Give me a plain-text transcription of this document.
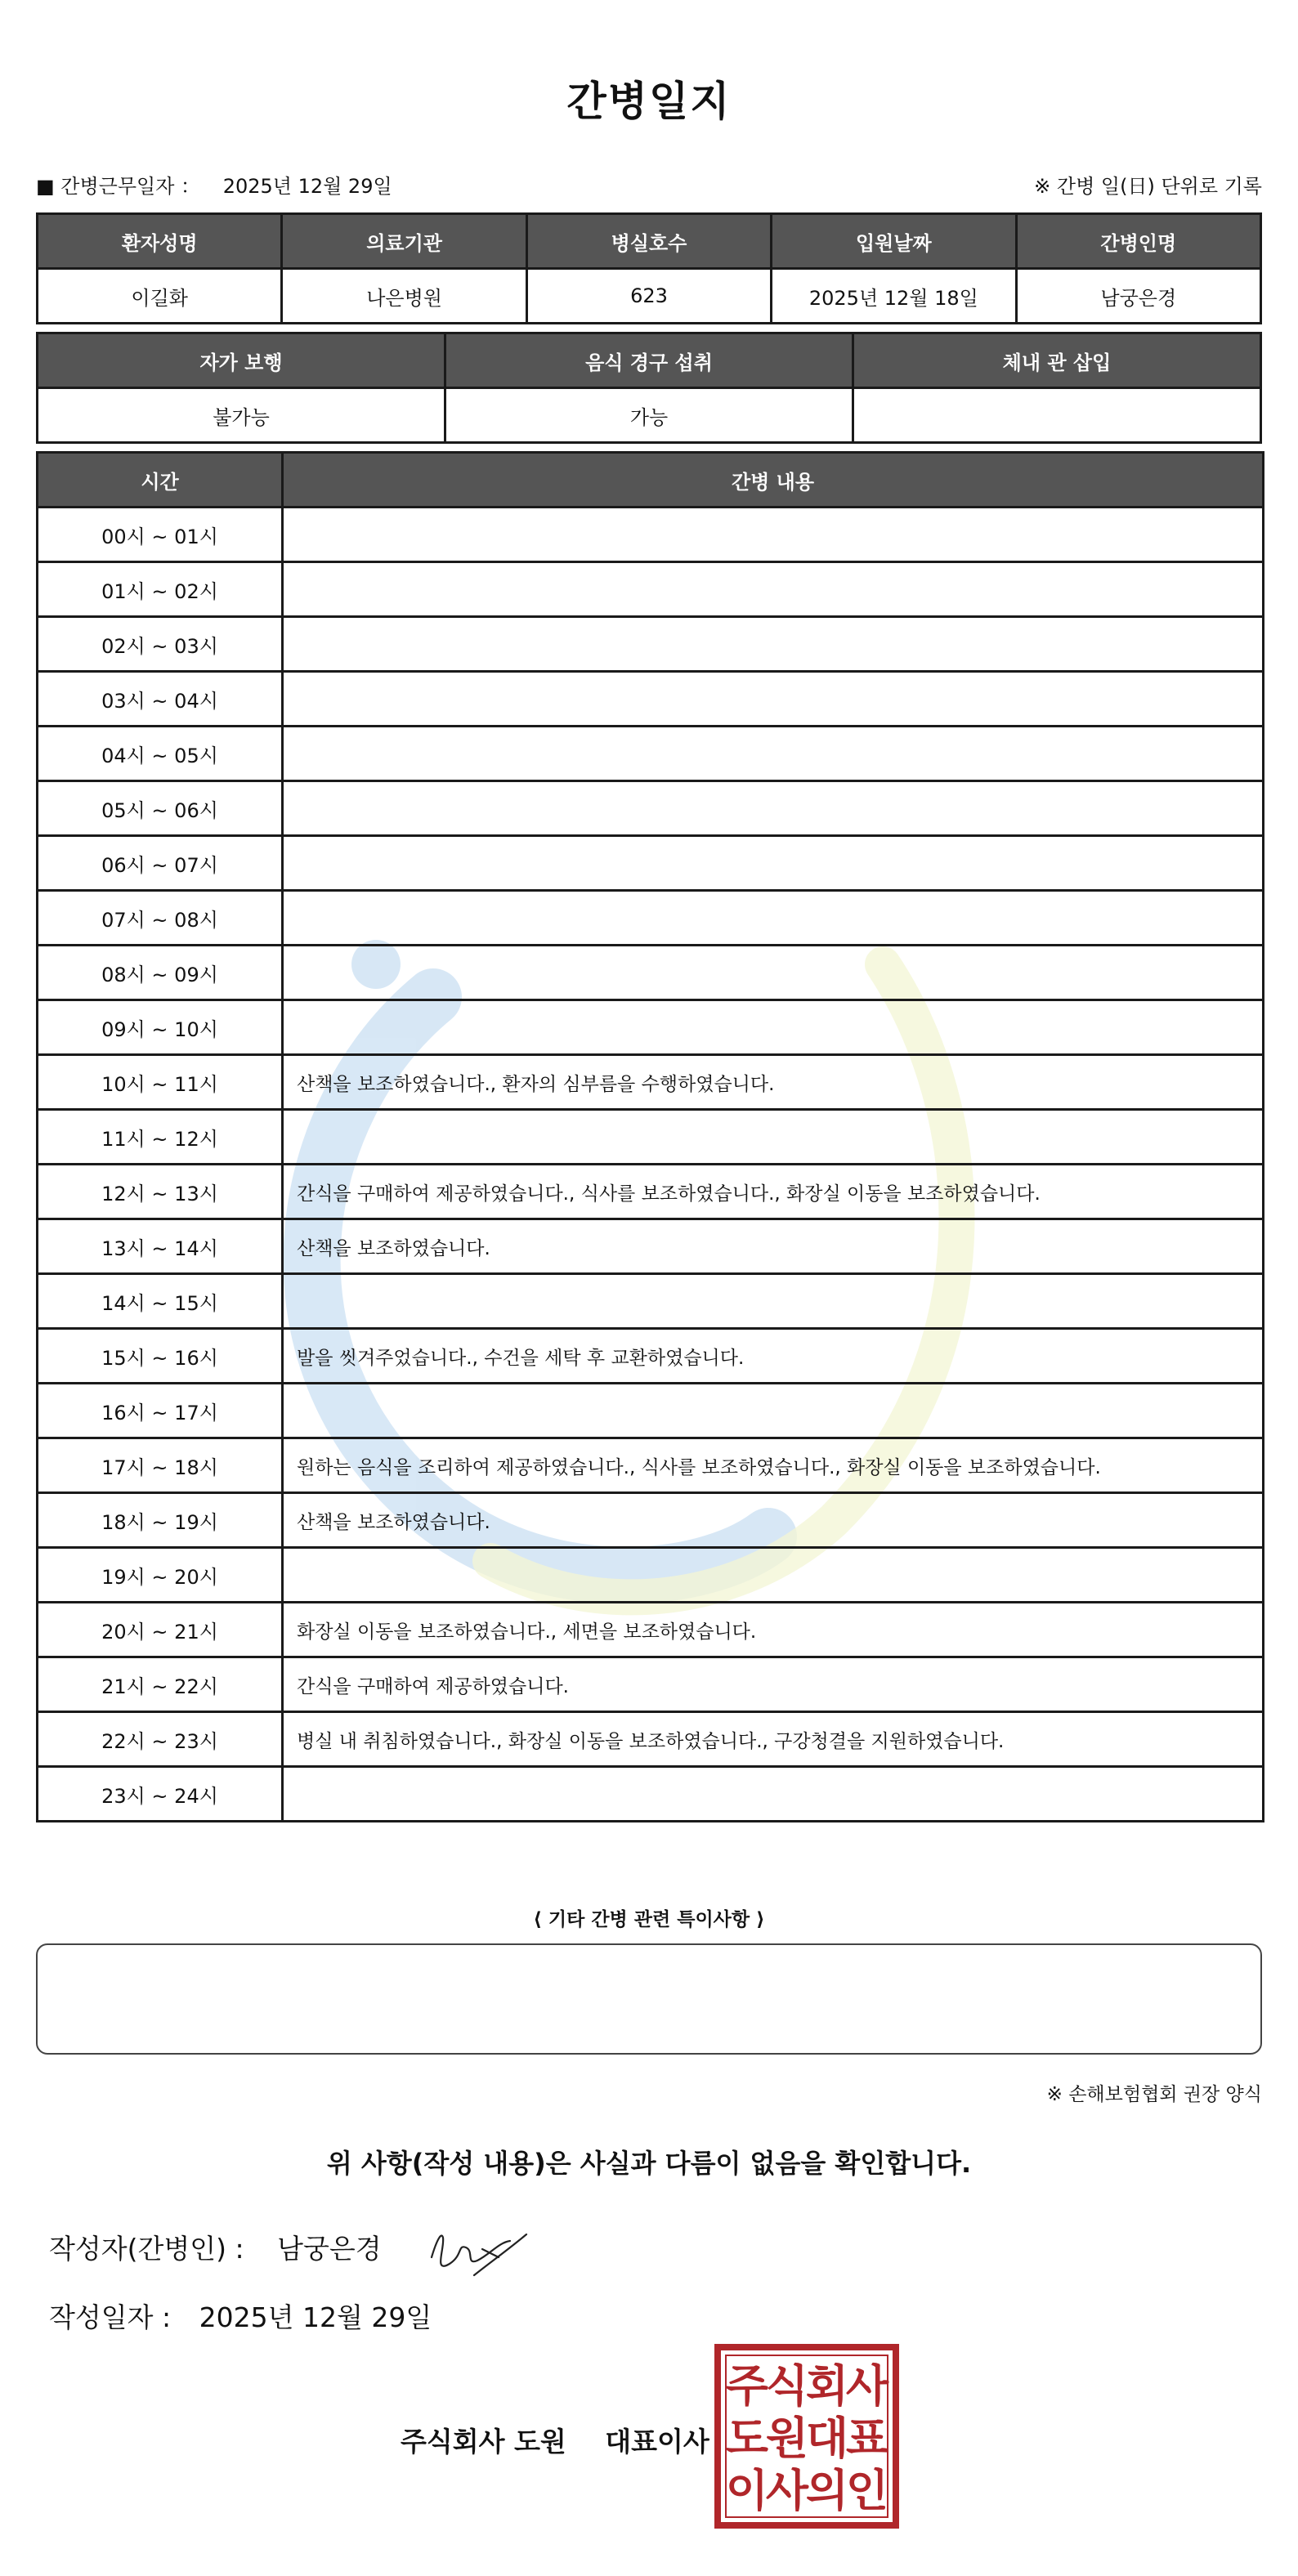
간병일지
■ 간병근무일자 ： 2025년 12월 29일	※ 간병 일(日) 단위로 기록
환자성명	의료기관	병실호수	입원날짜	간병인명
이길화	나은병원	623	2025년 12월 18일	남궁은경
자가 보행	음식 경구 섭취	체내 관 삽입
불가능	가능	
시간	간병 내용
00시 ~ 01시	
01시 ~ 02시	
02시 ~ 03시	
03시 ~ 04시	
04시 ~ 05시	
05시 ~ 06시	
06시 ~ 07시	
07시 ~ 08시	
08시 ~ 09시	
09시 ~ 10시	
10시 ~ 11시	산책을 보조하였습니다., 환자의 심부름을 수행하였습니다.
11시 ~ 12시	
12시 ~ 13시	간식을 구매하여 제공하였습니다., 식사를 보조하였습니다., 화장실 이동을 보조하였습니다.
13시 ~ 14시	산책을 보조하였습니다.
14시 ~ 15시	
15시 ~ 16시	발을 씻겨주었습니다., 수건을 세탁 후 교환하였습니다.
16시 ~ 17시	
17시 ~ 18시	원하는 음식을 조리하여 제공하였습니다., 식사를 보조하였습니다., 화장실 이동을 보조하였습니다.
18시 ~ 19시	산책을 보조하였습니다.
19시 ~ 20시	
20시 ~ 21시	화장실 이동을 보조하였습니다., 세면을 보조하였습니다.
21시 ~ 22시	간식을 구매하여 제공하였습니다.
22시 ~ 23시	병실 내 취침하였습니다., 화장실 이동을 보조하였습니다., 구강청결을 지원하였습니다.
23시 ~ 24시	
⟨ 기타 간병 관련 특이사항 ⟩
※ 손해보험협회 권장 양식
위 사항(작성 내용)은 사실과 다름이 없음을 확인합니다.
작성자(간병인) : 남궁은경
작성일자 : 2025년 12월 29일
주식회사 도원 대표이사
주
식
회
사
도
원
대
표
이
사
의
인
